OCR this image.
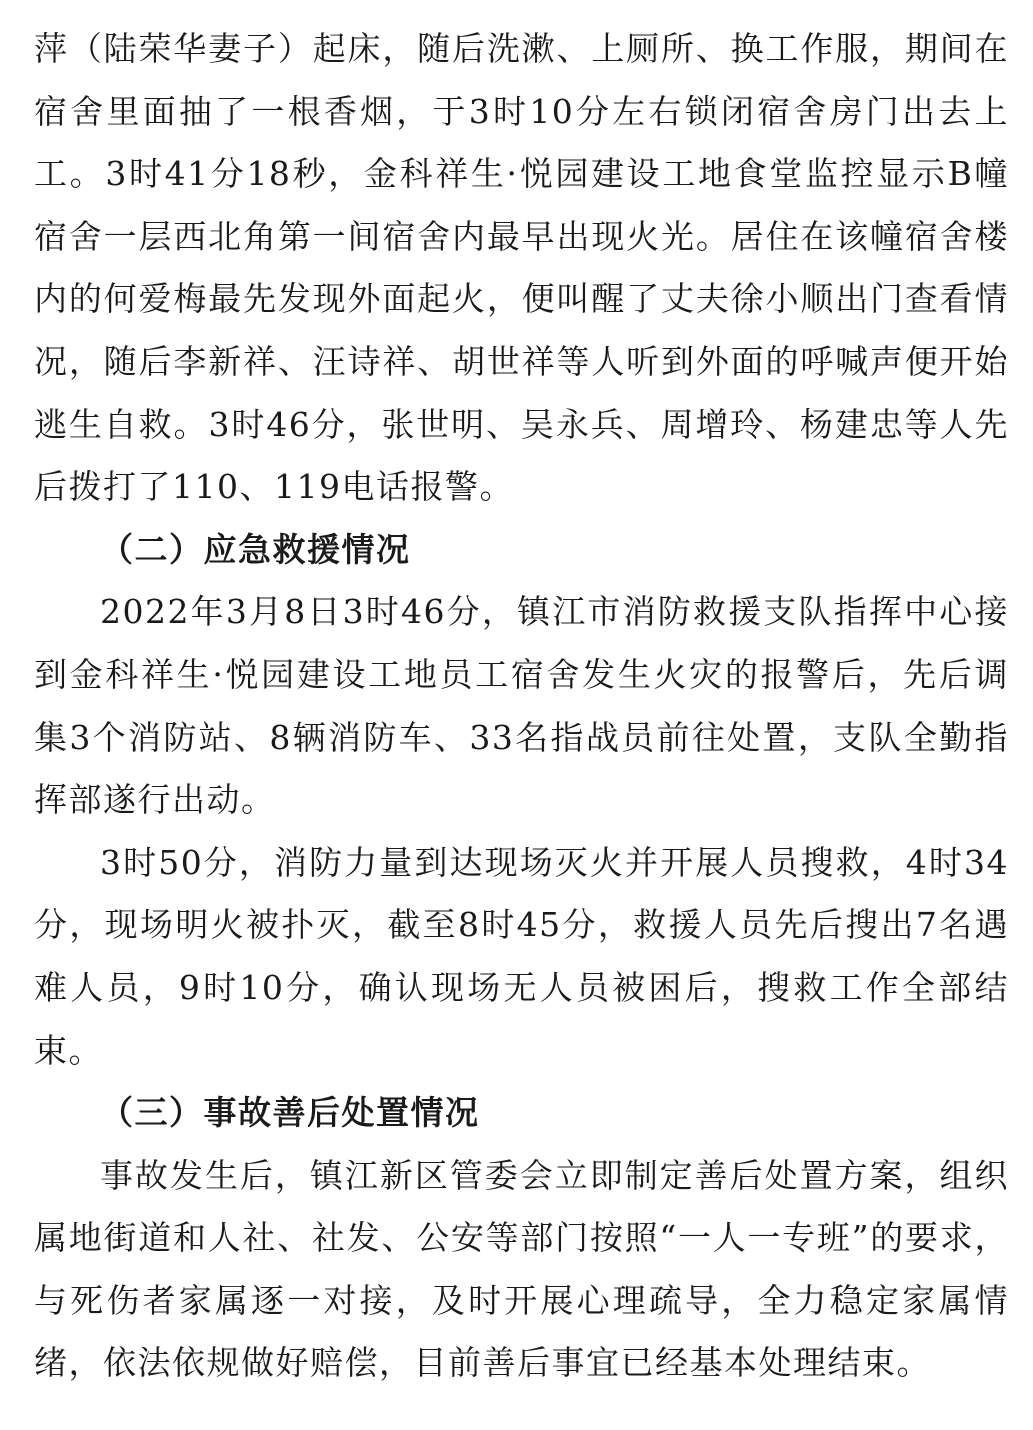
萍（陆荣华妻子）起床，随后洗漱、上厕所、换工作服，期间在宿舍里面抽了一根香烟，于3时10分左右锁闭宿舍房门出去上工。3时41分18秒，金科祥生·悦园建设工地食堂监控显示B幢宿舍一层西北角第一间宿舍内最早出现火光。居住在该幢宿舍楼内的何爱梅最先发现外面起火，便叫醒了丈夫徐小顺出门查看情况，随后李新祥、汪诗祥、胡世祥等人听到外面的呼喊声便开始逃生自救。3时46分，张世明、吴永兵、周增玲、杨建忠等人先后拨打了110、119电话报警。

（二）应急救援情况

2022年3月8日3时46分，镇江市消防救援支队指挥中心接到金科祥生·悦园建设工地员工宿舍发生火灾的报警后，先后调集3个消防站、8辆消防车、33名指战员前往处置，支队全勤指挥部遂行出动。

3时50分，消防力量到达现场灭火并开展人员搜救，4时34分，现场明火被扑灭，截至8时45分，救援人员先后搜出7名遇难人员，9时10分，确认现场无人员被困后，搜救工作全部结束。

（三）事故善后处置情况

事故发生后，镇江新区管委会立即制定善后处置方案，组织属地街道和人社、社发、公安等部门按照“一人一专班”的要求，与死伤者家属逐一对接，及时开展心理疏导，全力稳定家属情绪，依法依规做好赔偿，目前善后事宜已经基本处理结束。
